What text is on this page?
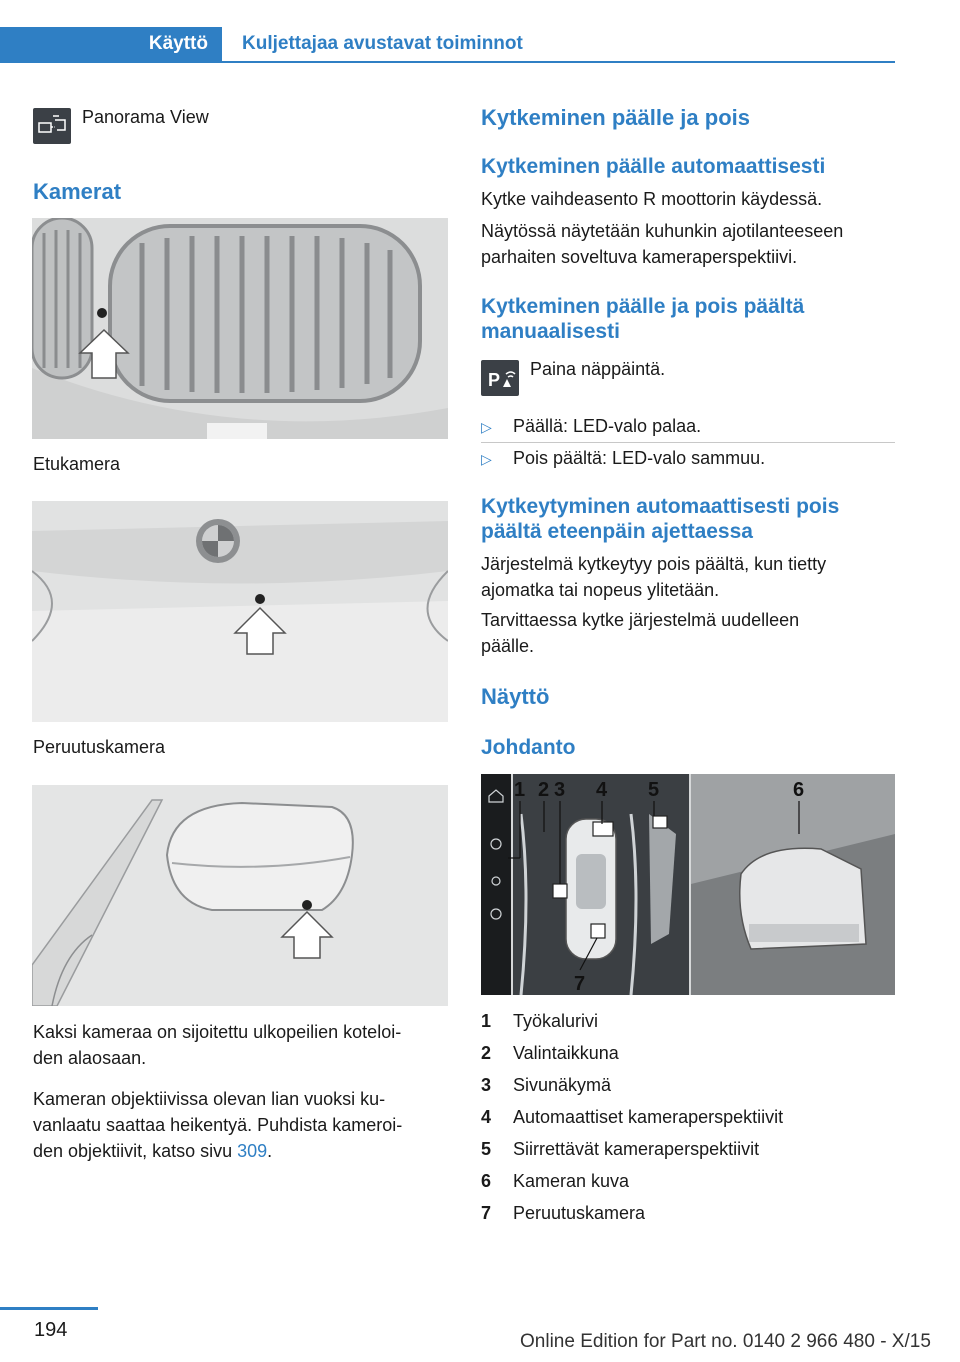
Käyttö	Kuljettajaa avustavat toiminnot
Panorama View
Kamerat
Etukamera
Peruutuskamera
Kaksi kameraa on sijoitettu ulkopeilien koteloi-
den alaosaan.
Kameran objektiivissa olevan lian vuoksi ku-
vanlaatu saattaa heikentyä. Puhdista kameroi-
den objektiivit, katso sivu 309.
Kytkeminen päälle ja pois
Kytkeminen päälle automaattisesti
Kytke vaihdeasento R moottorin käydessä.
Näytössä näytetään kuhunkin ajotilanteeseen
parhaiten soveltuva kameraperspektiivi.
Kytkeminen päälle ja pois päältä
manuaalisesti
P
Paina näppäintä.
▷ Päällä: LED-valo palaa.
▷ Pois päältä: LED-valo sammuu.
Kytkeytyminen automaattisesti pois
päältä eteenpäin ajettaessa
Järjestelmä kytkeytyy pois päältä, kun tietty
ajomatka tai nopeus ylitetään.
Tarvittaessa kytke järjestelmä uudelleen
päälle.
Näyttö
Johdanto
1 2 3 4 5	6
7
1 Työkalurivi
2 Valintaikkuna
3 Sivunäkymä
4 Automaattiset kameraperspektiivit
5 Siirrettävät kameraperspektiivit
6 Kameran kuva
7 Peruutuskamera
194
Online Edition for Part no. 0140 2 966 480 - X/15
